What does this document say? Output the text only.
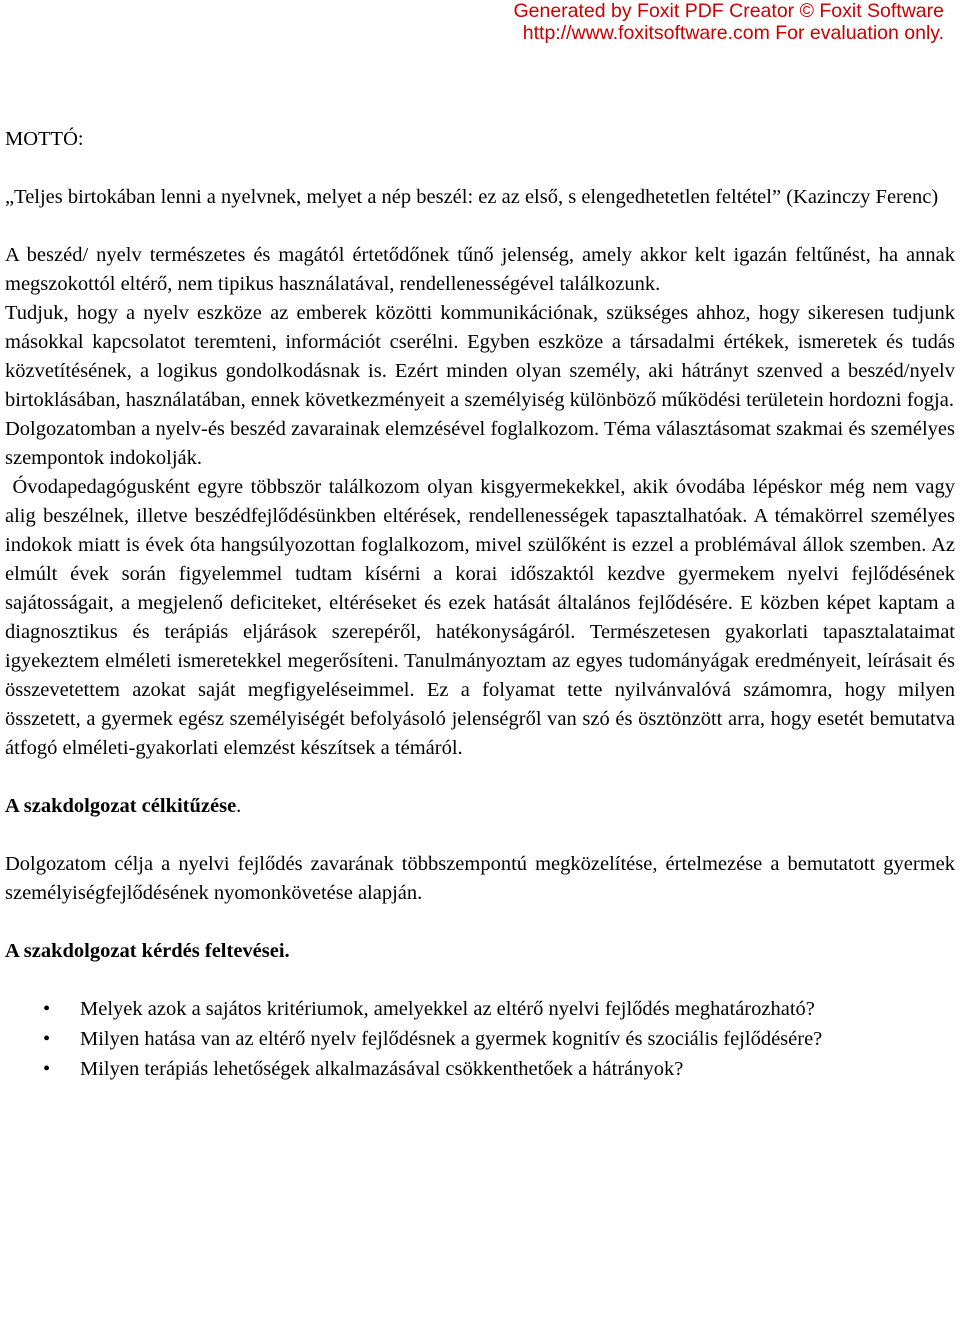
Generated by Foxit PDF Creator © Foxit Software
http://www.foxitsoftware.com For evaluation only.
MOTTÓ:

„Teljes birtokában lenni a nyelvnek, melyet a nép beszél: ez az első, s elengedhetetlen feltétel” (Kazinczy Ferenc)

A beszéd/ nyelv természetes és magától értetődőnek tűnő jelenség, amely akkor kelt igazán feltűnést, ha annak megszokottól eltérő, nem tipikus használatával, rendellenességével találkozunk.

Tudjuk, hogy a nyelv eszköze az emberek közötti kommunikációnak, szükséges ahhoz, hogy sikeresen tudjunk másokkal kapcsolatot teremteni, információt cserélni. Egyben eszköze a társadalmi értékek, ismeretek és tudás közvetítésének, a logikus gondolkodásnak is. Ezért minden olyan személy, aki hátrányt szenved a beszéd/nyelv birtoklásában, használatában, ennek következményeit a személyiség különböző működési területein hordozni fogja.

Dolgozatomban a nyelv-és beszéd zavarainak elemzésével foglalkozom. Téma választásomat szakmai és személyes szempontok indokolják.

Óvodapedagógusként egyre többször találkozom olyan kisgyermekekkel, akik óvodába lépéskor még nem vagy alig beszélnek, illetve beszédfejlődésünkben eltérések, rendellenességek tapasztalhatóak. A témakörrel személyes indokok miatt is évek óta hangsúlyozottan foglalkozom, mivel szülőként is ezzel a problémával állok szemben. Az elmúlt évek során figyelemmel tudtam kísérni a korai időszaktól kezdve gyermekem nyelvi fejlődésének sajátosságait, a megjelenő deficiteket, eltéréseket és ezek hatását általános fejlődésére. E közben képet kaptam a diagnosztikus és terápiás eljárások szerepéről, hatékonyságáról. Természetesen gyakorlati tapasztalataimat igyekeztem elméleti ismeretekkel megerősíteni. Tanulmányoztam az egyes tudományágak eredményeit, leírásait és összevetettem azokat saját megfigyeléseimmel. Ez a folyamat tette nyilvánvalóvá számomra, hogy milyen összetett, a gyermek egész személyiségét befolyásoló jelenségről van szó és ösztönzött arra, hogy esetét bemutatva átfogó elméleti-gyakorlati elemzést készítsek a témáról.

A szakdolgozat célkitűzése.

Dolgozatom célja a nyelvi fejlődés zavarának többszempontú megközelítése, értelmezése a bemutatott gyermek személyiségfejlődésének nyomonkövetése alapján.

A szakdolgozat kérdés feltevései.
• Melyek azok a sajátos kritériumok, amelyekkel az eltérő nyelvi fejlődés meghatározható?
• Milyen hatása van az eltérő nyelv fejlődésnek a gyermek kognitív és szociális fejlődésére?
• Milyen terápiás lehetőségek alkalmazásával csökkenthetőek a hátrányok?
